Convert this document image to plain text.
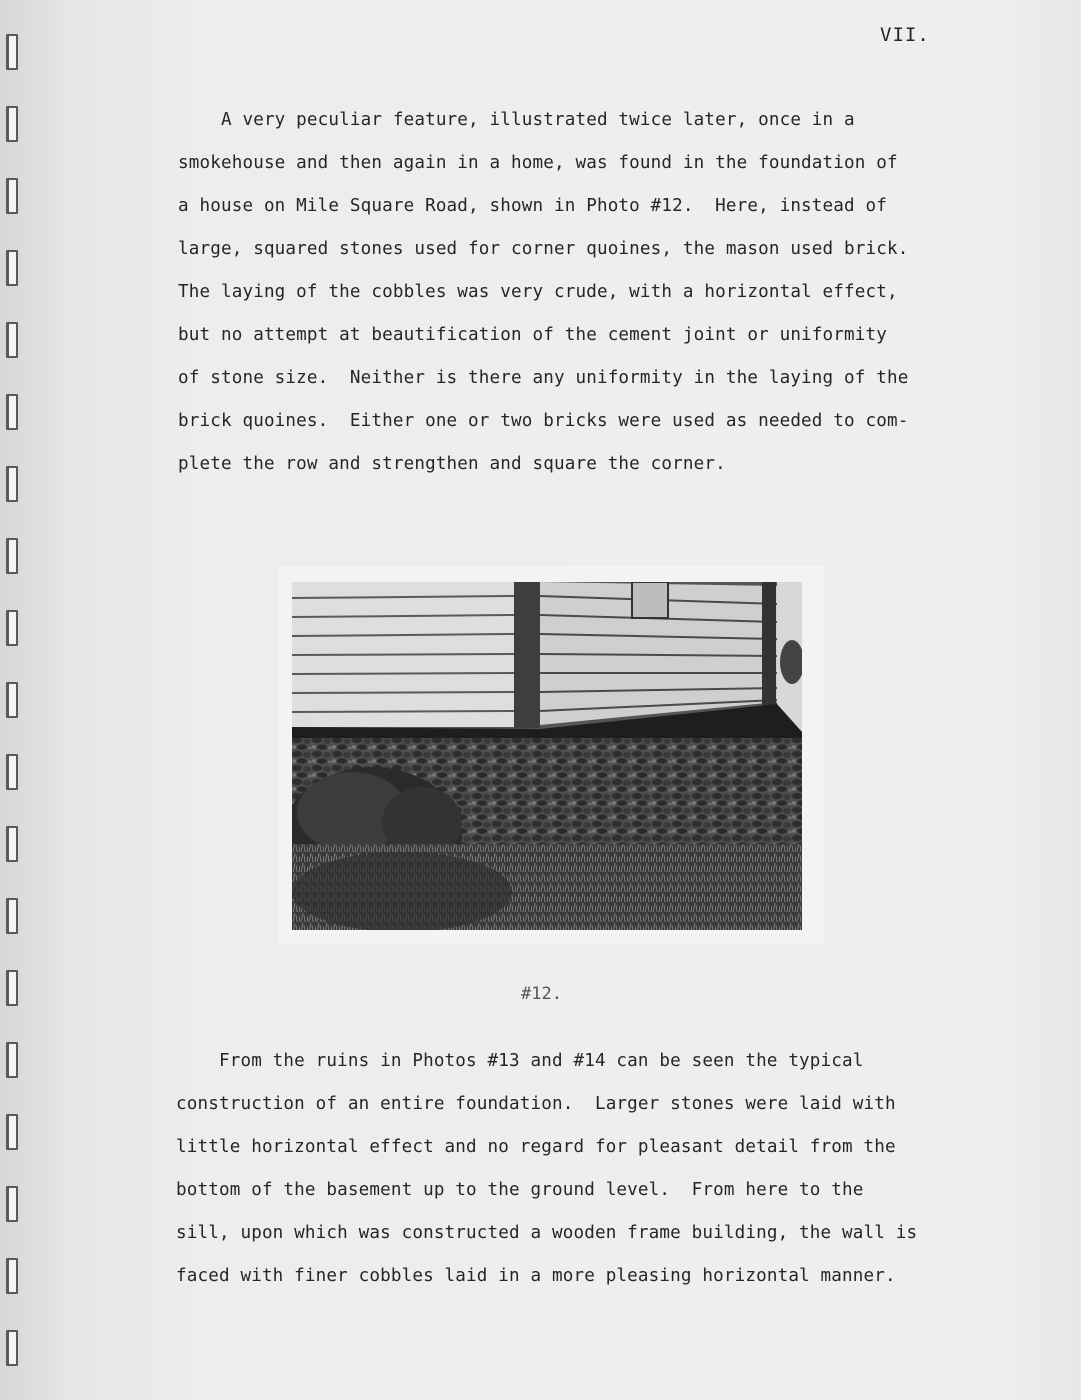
VII.

A very peculiar feature, illustrated twice later, once in a
smokehouse and then again in a home, was found in the foundation of
a house on Mile Square Road, shown in Photo #12.  Here, instead of
large, squared stones used for corner quoines, the mason used brick.
The laying of the cobbles was very crude, with a horizontal effect,
but no attempt at beautification of the cement joint or uniformity
of stone size.  Neither is there any uniformity in the laying of the
brick quoines.  Either one or two bricks were used as needed to com-
plete the row and strengthen and square the corner.

#12.

From the ruins in Photos #13 and #14 can be seen the typical
construction of an entire foundation.  Larger stones were laid with
little horizontal effect and no regard for pleasant detail from the
bottom of the basement up to the ground level.  From here to the
sill, upon which was constructed a wooden frame building, the wall is
faced with finer cobbles laid in a more pleasing horizontal manner.
